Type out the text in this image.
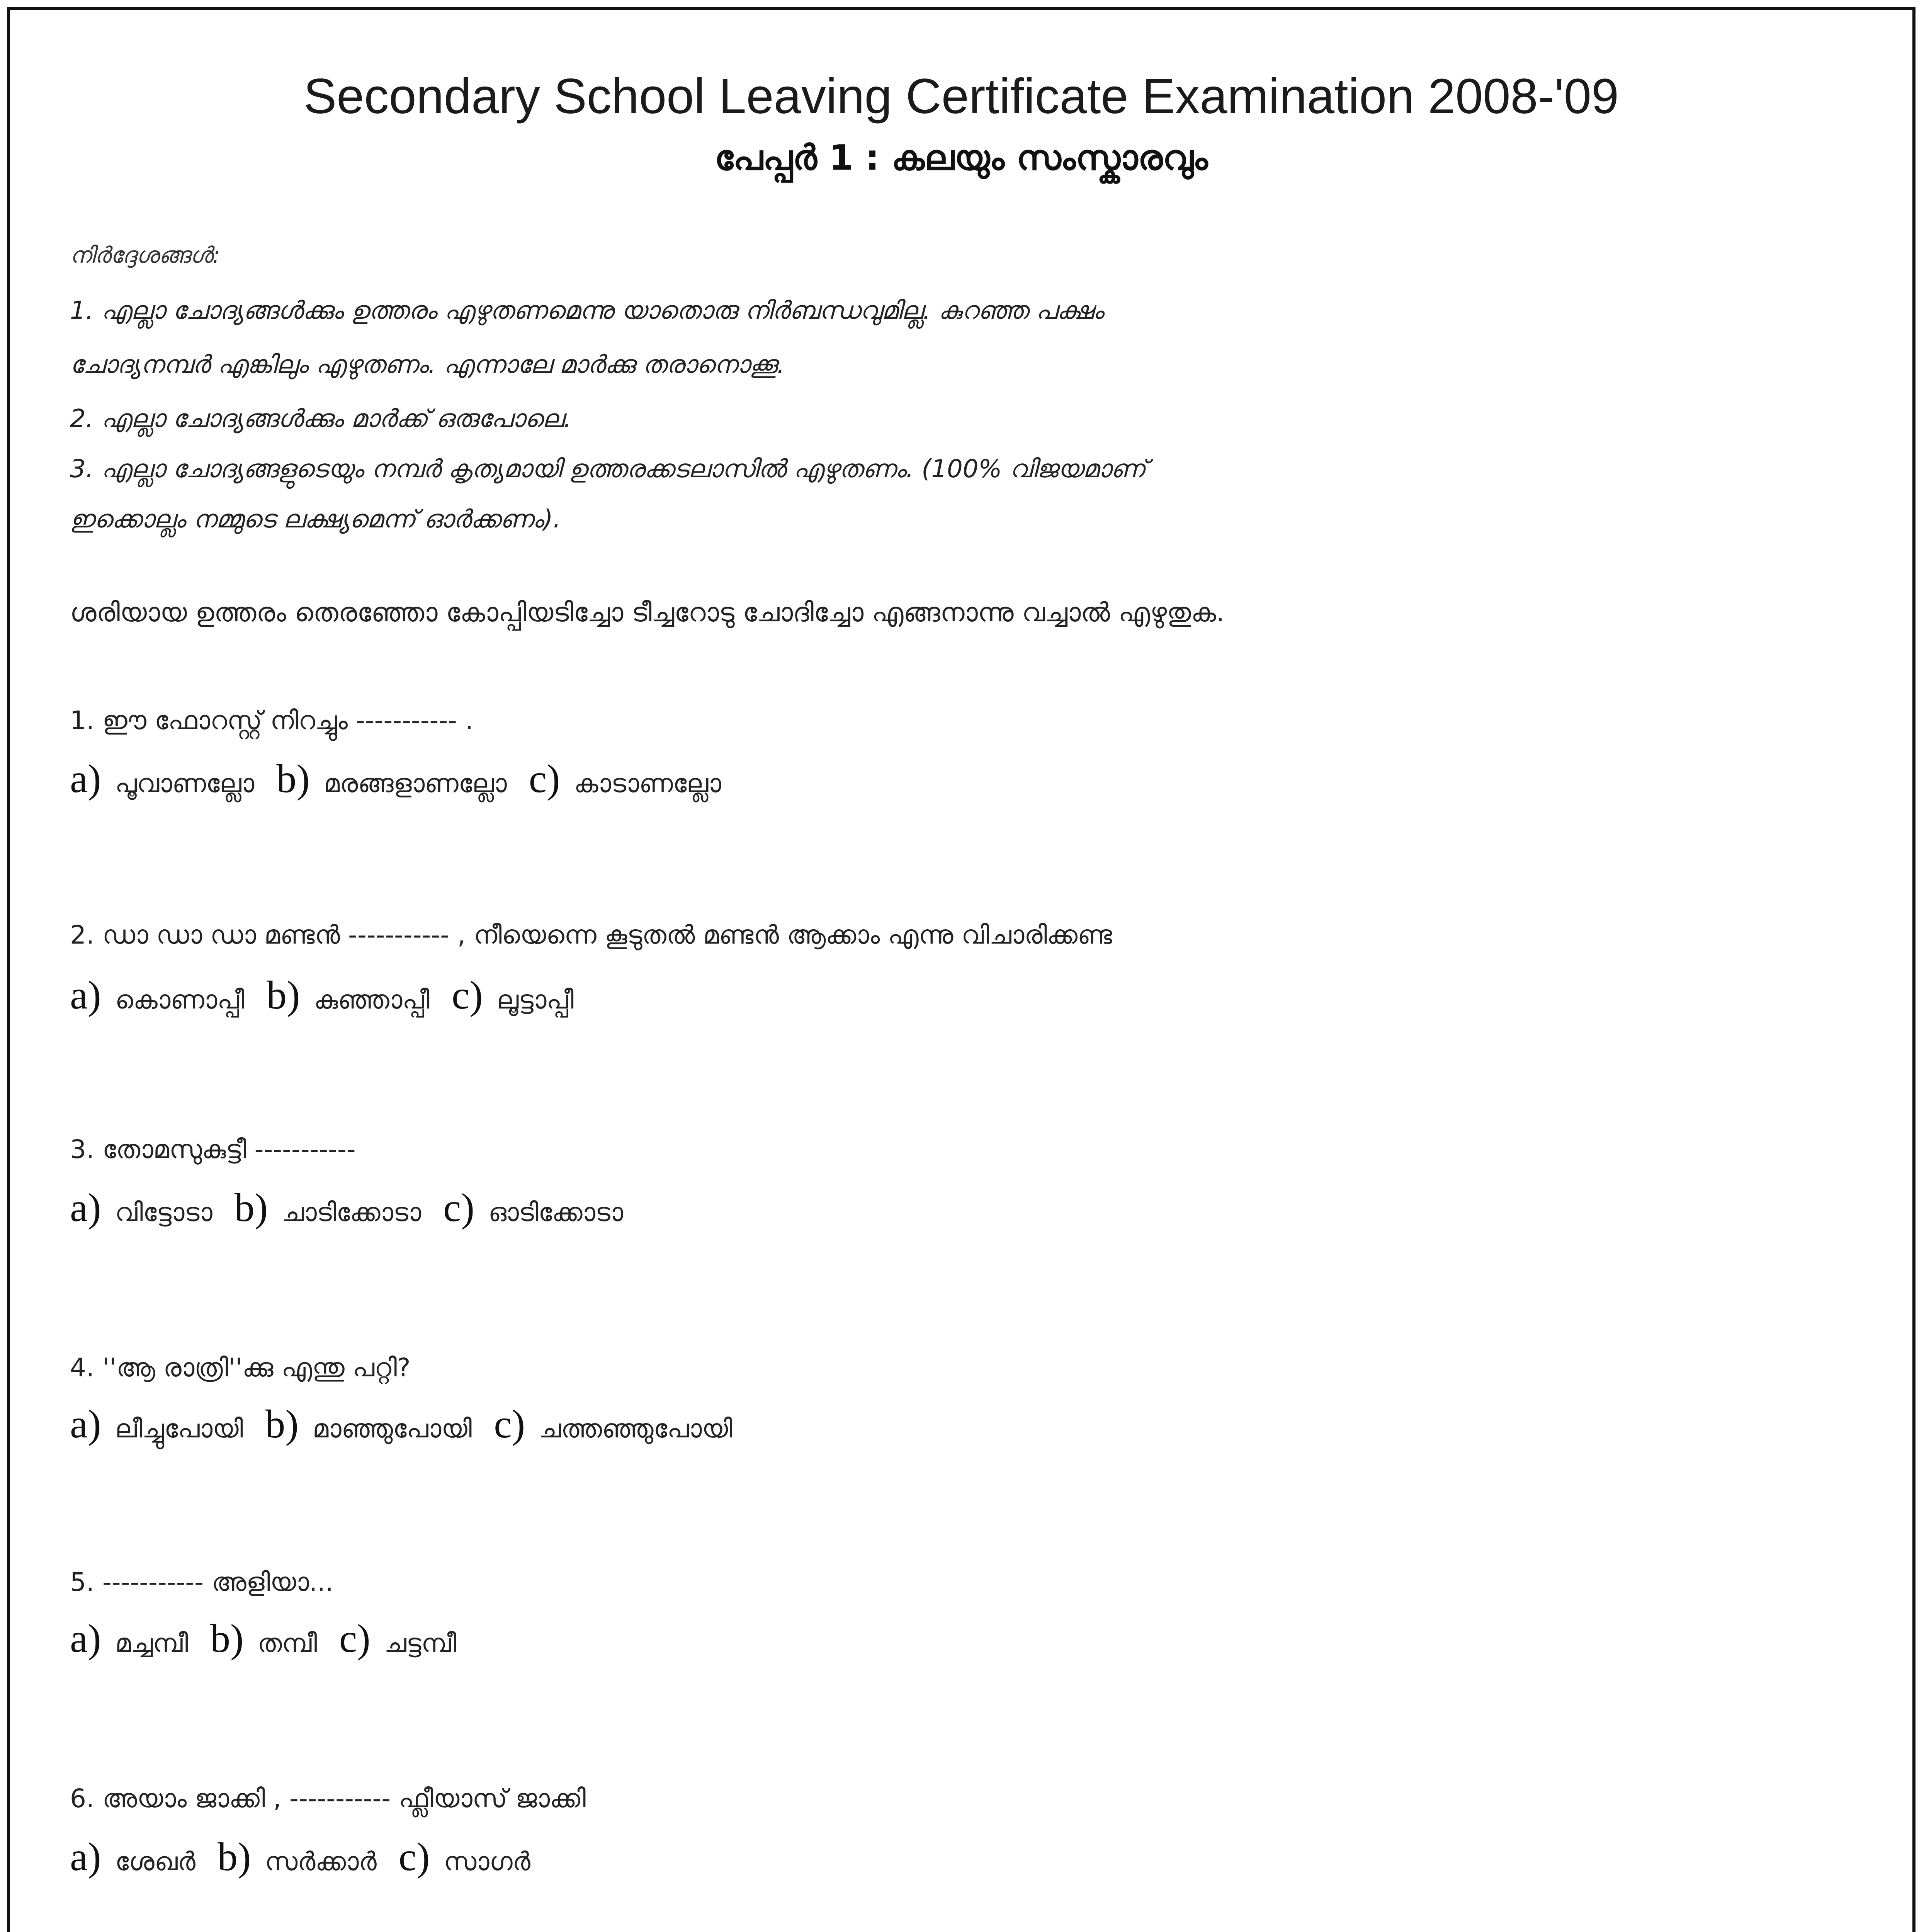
Secondary School Leaving Certificate Examination 2008-'09
പേപ്പർ 1 : കലയും സംസ്കാരവും
നിർദ്ദേശങ്ങൾ:
1. എല്ലാ ചോദ്യങ്ങൾക്കും ഉത്തരം എഴുതണമെന്നു യാതൊരു നിർബന്ധവുമില്ല. കുറഞ്ഞ പക്ഷം
ചോദ്യനമ്പർ എങ്കിലും എഴുതണം. എന്നാലേ മാർക്കു തരാനൊക്കൂ.
2. എല്ലാ ചോദ്യങ്ങൾക്കും മാർക്ക് ഒരുപോലെ.
3. എല്ലാ ചോദ്യങ്ങളുടെയും നമ്പർ കൃത്യമായി ഉത്തരക്കടലാസിൽ എഴുതണം. (100% വിജയമാണ്
ഇക്കൊല്ലം നമ്മുടെ ലക്ഷ്യമെന്ന് ഓർക്കണം).
ശരിയായ ഉത്തരം തെരഞ്ഞോ കോപ്പിയടിച്ചോ ടീച്ചറോടു ചോദിച്ചോ എങ്ങനാന്നു വച്ചാൽ എഴുതുക.
1. ഈ ഫോറസ്റ്റ് നിറച്ചും ----------- .
a) പൂവാണല്ലോ b) മരങ്ങളാണല്ലോ c) കാടാണല്ലോ
2. ഡാ ഡാ ഡാ മണ്ടൻ ----------- , നീയെന്നെ കൂടുതൽ മണ്ടൻ ആക്കാം എന്നു വിചാരിക്കണ്ട
a) കൊണാപ്പീ b) കുഞ്ഞാപ്പീ c) ലൂട്ടാപ്പീ
3. തോമസുകുട്ടീ -----------
a) വിട്ടോടാ b) ചാടിക്കോടാ c) ഓടിക്കോടാ
4. ''ആ രാത്രി''ക്കു എന്തു പറ്റി?
a) ലീച്ചുപോയി b) മാഞ്ഞുപോയി c) ചത്തഞ്ഞുപോയി
5. ----------- അളിയാ...
a) മച്ചമ്പീ b) തമ്പീ c) ചട്ടമ്പീ
6. അയാം ജാക്കി , ----------- ഫ്ലീയാസ് ജാക്കി
a) ശേഖർ b) സർക്കാർ c) സാഗർ
